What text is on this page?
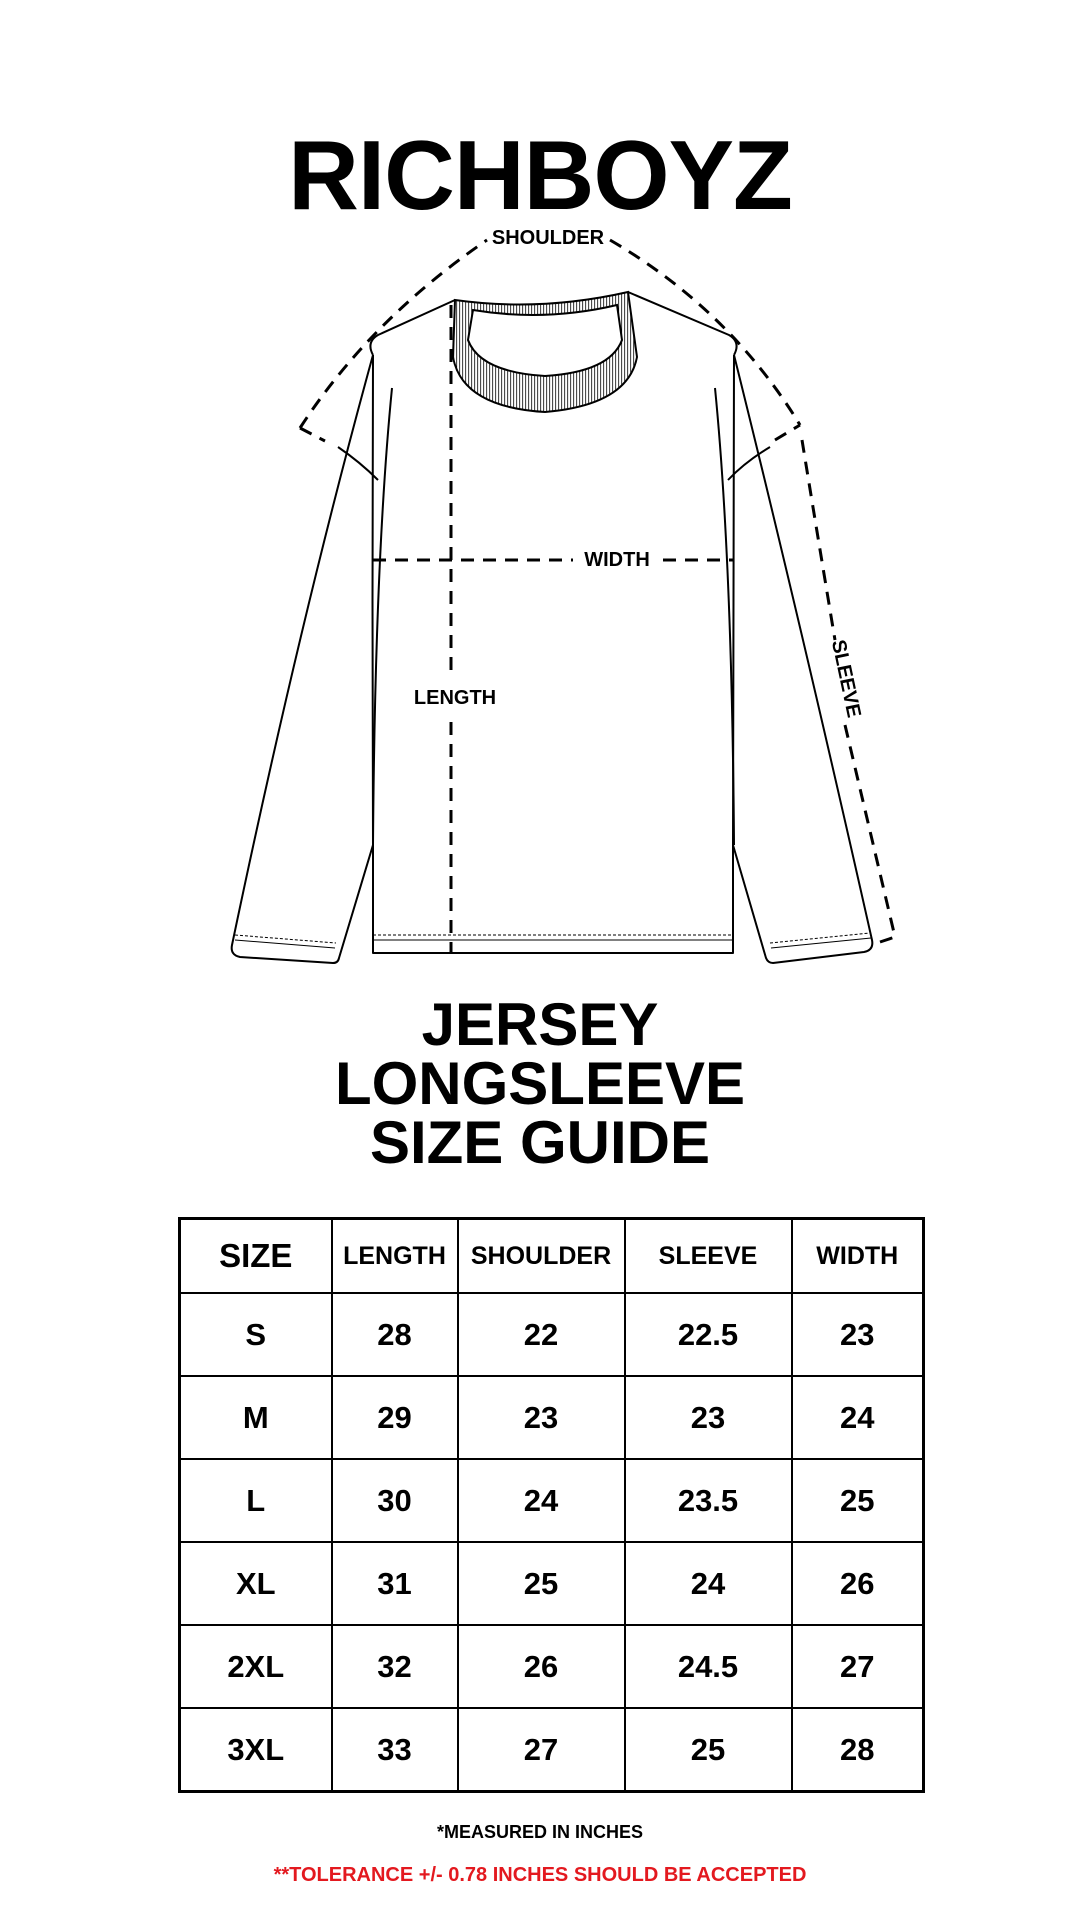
RICHBOYZ
SHOULDER
WIDTH
LENGTH	SLEEVE
JERSEY
LONGSLEEVE
SIZE GUIDE
SIZE	LENGTH	SHOULDER	SLEEVE	WIDTH
S	28	22	22.5	23
M	29	23	23	24
L	30	24	23.5	25
XL	31	25	24	26
2XL	32	26	24.5	27
3XL	33	27	25	28
*MEASURED IN INCHES
**TOLERANCE +/- 0.78 INCHES SHOULD BE ACCEPTED
